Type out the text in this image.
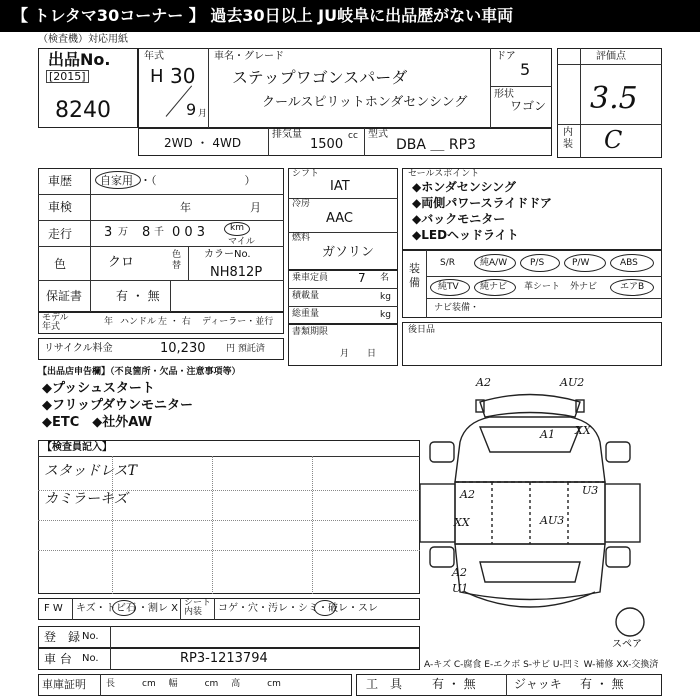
【 トレタマ30コーナー 】 過去30日以上 JU岐阜に出品歴がない車両
（検査機）対応用紙
出品No.
[2015]
8240
年式
H 30
9 月
車名・グレード
ステップワゴンスパーダ
クールスピリットホンダセンシング
ドア
5
形状
ワゴン
評価点
3.5
内装 C
2WD ・ 4WD
排気量
1500
cc 型式
DBA ＿ RP3
車歴	自家用 ・（　　　　　　　　）
車検	年	月
走行 3 万 8 千 0 0 3	km
マイル
色	クロ	色替
カラーNo.
NH812P
保証書	有 ・ 無
モデル年式	年 ハンドル 左 ・ 右 ディーラー・並行
リサイクル料金	10,230 円 預託済
シフト
IAT
冷房
AAC
燃料
ガソリン
乗車定員 7 名
積載量	kg
総重量	kg
書類期限
月　　日
セールスポイント
◆ホンダセンシング
◆両側パワースライドドア
◆バックモニター
◆LEDヘッドライト
装備
S/R	純A/W	P/S	P/W	ABS
純TV 純ナビ 革シート 外ナビ	エアB
ナビ装備 ・
後日品
【出品店申告欄】（不良箇所・欠品・注意事項等）
◆プッシュスタート
◆フリップダウンモニター
◆ETC　◆社外AW
【検査員記入】
スタッドレスT
カミラーキズ
A2	AU2
A1 XX
A2	U3
XX	AU3
A2
U1
スペア
F W キズ・ト ビ石 ・割レ X シート内装	コゲ・穴・汚レ・シミ・破レ・スレ
登　録 No.
車 台 No.	RP3-1213794	A-キズ C-腐食 E-エクボ S-サビ U-凹ミ W-補修 XX-交換済
車庫証明 長　　　cm 幅　　　cm 高　　　cm	工　具 有 ・ 無	ジャッキ 有 ・ 無
